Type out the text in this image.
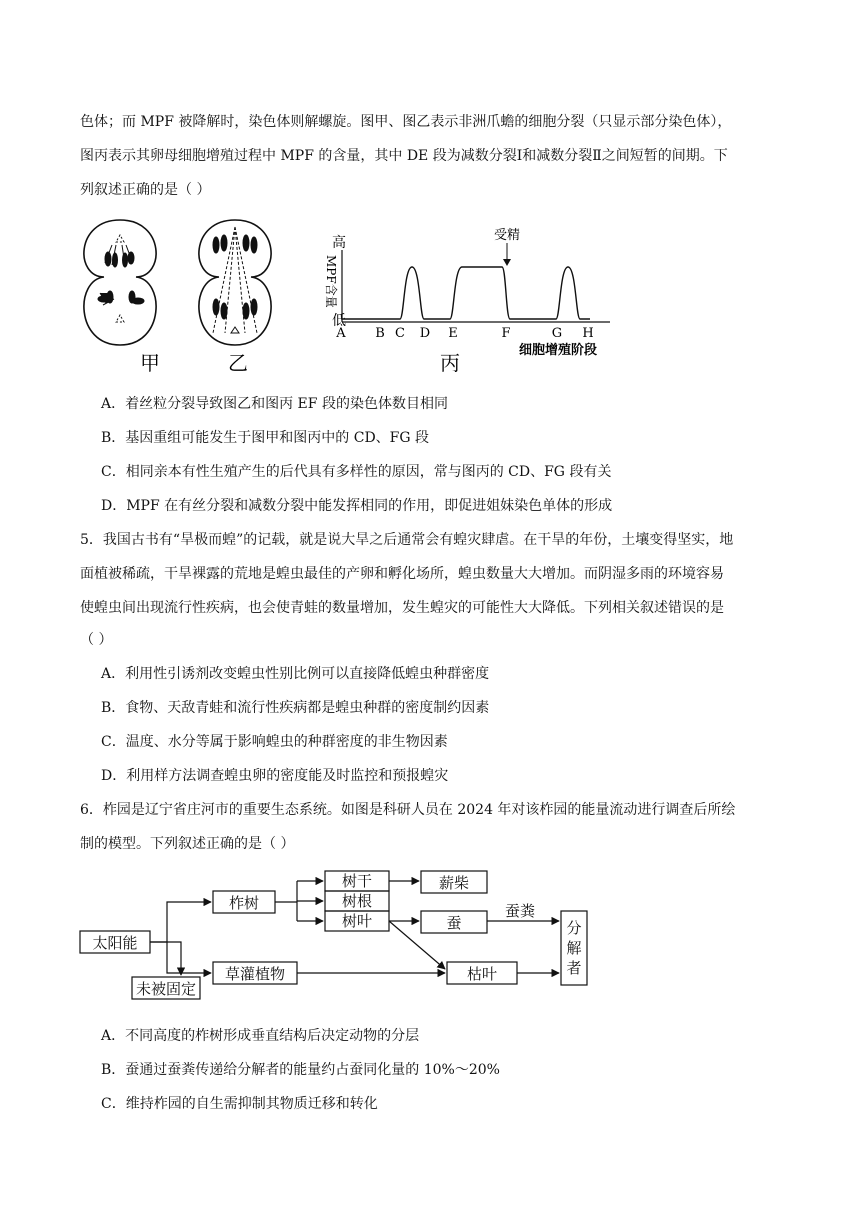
色体；而 MPF 被降解时，染色体则解螺旋。图甲、图乙表示非洲爪蟾的细胞分裂（只显示部分染色体），
图丙表示其卵母细胞增殖过程中 MPF 的含量，其中 DE 段为减数分裂Ⅰ和减数分裂Ⅱ之间短暂的间期。下
列叙述正确的是（ ）
甲	乙
高
低
MPF含量
受精
A B C D E	F	G H
细胞增殖阶段
丙
A．着丝粒分裂导致图乙和图丙 EF 段的染色体数目相同
B．基因重组可能发生于图甲和图丙中的 CD、FG 段
C．相同亲本有性生殖产生的后代具有多样性的原因，常与图丙的 CD、FG 段有关
D．MPF 在有丝分裂和减数分裂中能发挥相同的作用，即促进姐妹染色单体的形成
5．我国古书有“旱极而蝗”的记载，就是说大旱之后通常会有蝗灾肆虐。在干旱的年份，土壤变得坚实，地
面植被稀疏，干旱裸露的荒地是蝗虫最佳的产卵和孵化场所，蝗虫数量大大增加。而阴湿多雨的环境容易
使蝗虫间出现流行性疾病，也会使青蛙的数量增加，发生蝗灾的可能性大大降低。下列相关叙述错误的是
（ ）
A．利用性引诱剂改变蝗虫性别比例可以直接降低蝗虫种群密度
B．食物、天敌青蛙和流行性疾病都是蝗虫种群的密度制约因素
C．温度、水分等属于影响蝗虫的种群密度的非生物因素
D．利用样方法调查蝗虫卵的密度能及时监控和预报蝗灾
6．柞园是辽宁省庄河市的重要生态系统。如图是科研人员在 2024 年对该柞园的能量流动进行调查后所绘
制的模型。下列叙述正确的是（ ）
太阳能
未被固定
柞树
草灌植物
树干
树根
树叶
薪柴
蚕
蚕粪
枯叶
分
解
者
A．不同高度的柞树形成垂直结构后决定动物的分层
B．蚕通过蚕粪传递给分解者的能量约占蚕同化量的 10%～20%
C．维持柞园的自生需抑制其物质迁移和转化
